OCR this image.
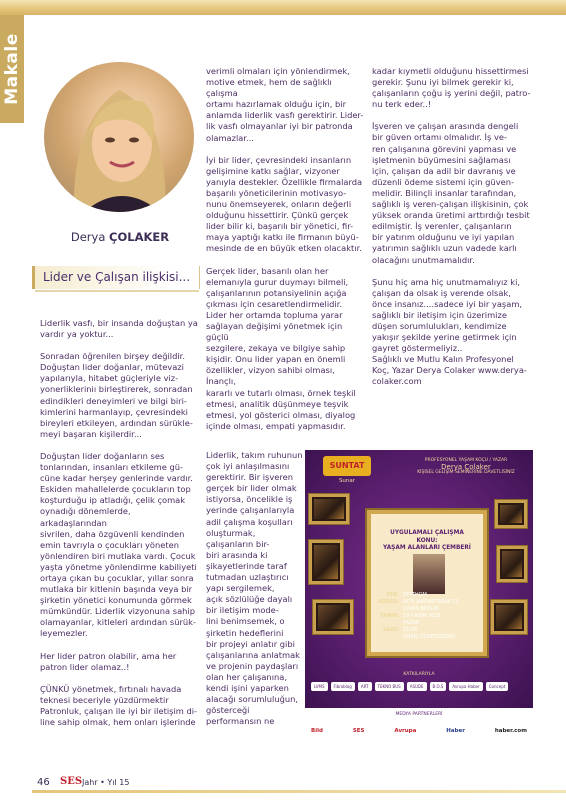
Makale
Derya ÇOLAKER
Lider ve Çalışan ilişkisi...

Liderlik vasfı, bir insanda doğuştan ya
vardır ya yoktur...

Sonradan öğrenilen birşey değildir.
Doğuştan lider doğanlar, mütevazi
yapılarıyla, hitabet güçleriyle viz-
yonerlikleriniı birleştirerek, sonradan
edindikleri deneyimleri ve bilgi biri-
kimlerini harmanlayıp, çevresindeki
bireyleri etkileyen, ardından sürükle-
meyi başaran kişilerdir...

Doğuştan lider doğanların ses
tonlarından, insanları etkileme gü-
cüne kadar herşey genlerinde vardır.
Eskiden mahallelerde çocukların top
koşturduğu ip atladığı, çelik çomak
oynadığı dönemlerde, arkadaşlarından
sivrilen, daha özgüvenli kendinden
emin tavrıyla o çocukları yöneten
yönlendiren biri mutlaka vardı. Çocuk
yaşta yönetme yönlendirme kabiliyeti
ortaya çıkan bu çocuklar, yıllar sonra
mutlaka bir kitlenin başında veya bir
şirketin yönetici konumunda görmek
mümkündür. Liderlik vizyonuna sahip
olamayanlar, kitleleri ardından sürük-
leyemezler.

Her lider patron olabilir, ama her
patron lider olamaz..!

ÇÜNKÜ yönetmek, fırtınalı havada
teknesi beceriyle yüzdürmektir
Patronluk, çalışan ile iyi bir iletişim di-
line sahip olmak, hem onları işlerinde

verimli olmaları için yönlendirmek,
motive etmek, hem de sağlıklı çalışma
ortamı hazırlamak olduğu için, bir
anlamda liderlik vasfı gerektirir. Lider-
lik vasfı olmayanlar iyi bir patronda
olamazlar...

İyi bir lider, çevresindeki insanların
gelişimine katkı sağlar, vizyoner
yanıyla destekler. Özellikle firmalarda
başarılı yöneticilerinin motivasyo-
nunu önemseyerek, onların değerli
olduğunu hissettirir. Çünkü gerçek
lider bilir ki, başarılı bir yönetici, fir-
maya yaptığı katkı ile firmanın büyü-
mesinde de en büyük etken olacaktır.

Gerçek lider, basarılı olan her
elemanıyla gurur duymayı bilmeli,
çalışanlarının potansiyelinin açığa
çıkması için cesaretlendirmelidir.
Lider her ortamda topluma yarar
sağlayan değişimi yönetmek için güçlü
sezgilere, zekaya ve bilgiye sahip
kişidir. Onu lider yapan en önemli
özellikler, vizyon sahibi olması, İnançlı,
kararlı ve tutarlı olması, örnek teşkil
etmesi, analitik düşünmeye teşvik
etmesi, yol gösterici olması, diyalog
içinde olması, empati yapmasıdır.

Liderlik, takım ruhunun
çok iyi anlaşılmasını
gerektirir. Bir işveren
gerçek bir lider olmak
istiyorsa, öncelikle iş
yerinde çalışanlarıyla
adil çalışma koşulları
oluşturmak,
çalışanların bir-
biri arasında ki
şikayetlerinde taraf
tutmadan uzlaştırıcı
yapı sergilemek,
açık sözlülüğe dayalı
bir iletişim mode-
lini benimsemek, o
şirketin hedeflerini
bir projeyi anlatır gibi
çalışanlarına anlatmak
ve projenin paydaşları
olan her çalışanına,
kendi işini yaparken
alacağı sorumluluğun,
gösterceği
performansın ne

kadar kıymetli olduğunu hissettirmesi
gerekir. Şunu iyi bilmek gerekir ki,
çalışanların çoğu iş yerini değil, patro-
nu terk eder..!

İşveren ve çalışan arasında dengeli
bir güven ortamı olmalıdır. İş ve-
ren çalışanına görevini yapması ve
işletmenin büyümesini sağlaması
için, çalışan da adil bir davranış ve
düzenli ödeme sistemi için güven-
melidir. Bilinçli insanlar tarafından,
sağlıklı iş veren-çalışan ilişkisinin, çok
yüksek oranda üretimi arttırdığı tesbit
edilmiştir. İş verenler, çalışanların
bir yatırım olduğunu ve iyi yapılan
yatırımın sağlıklı uzun vadede karlı
olacağını unutmamalıdır.

Şunu hiç ama hiç unutmamalıyız ki,
çalışan da olsak iş verende olsak,
önce insanız....sadece iyi bir yaşam,
sağlıklı bir iletişim için üzerimize
düşen sorumlulukları, kendimize
yakışır şekilde yerine getirmek için
gayret göstermeliyiz..
Sağlıklı ve Mutlu Kalın Profesyonel
Koç, Yazar Derya Colaker www.derya-
colaker.com

SUNTAT
Sunar
PROFESYONEL YAŞAM KOÇU / YAZAR
Derya Çolaker
KİŞİSEL GELİŞİM SEMİNERİNE DAVETLİSİNİZ
UYGULAMALI ÇALIŞMA
KONU:
YAŞAM ALANLARI ÇEMBERİ
YER: STATHOM
ADRES: ALTE JAKOBSTRAßE 12
10969 BERLIN
TARİH: 18 KASIM 2018
PAZAR
SAAT: 15:00
(GİRİŞ ÜCRETSİZDİR)
KATKILARIYLA
LVMS	Fibroblog	ART	TEKNO BUS	ASUDE	B.O.S	Avrupa Haber	Concept
MEDYA PARTNERLERİ
Bild	SES	Avrupa	Haber	haber.com
46 SES Jahr • Yıl 15
